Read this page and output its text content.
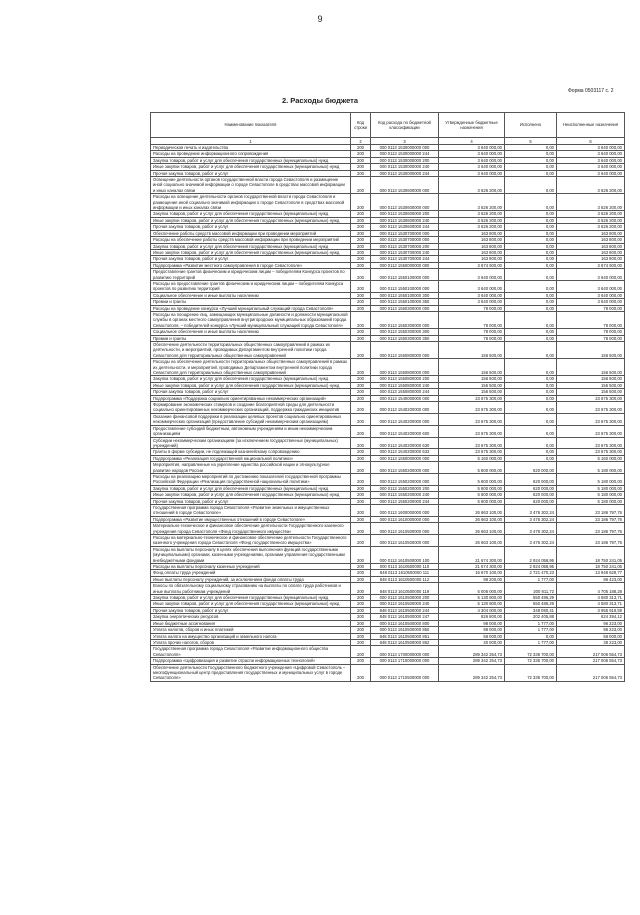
9
Форма 0503117 с. 2
2. Расходы бюджета
Наименование показателя	Код строки	Код расхода по бюджетной классификации	Утвержденные бюджетные назначения	Исполнено	Неисполненные назначения
1	2	3	4	5	6
Периодическая печать и издательства	200	000 0113 1530000000 000	3 640 000,00	0,00	3 640 000,00
Расходы на проведение информационного сопровождения	200	000 0113 1530000000 244	3 640 000,00	0,00	3 640 000,00
Закупка товаров, работ и услуг для обеспечения государственных (муниципальных) нужд	200	000 0113 1530000000 200	3 640 000,00	0,00	3 640 000,00
Иные закупки товаров, работ и услуг для обеспечения государственных (муниципальных) нужд	200	000 0113 1530000000 240	3 640 000,00	0,00	3 640 000,00
Прочая закупка товаров, работ и услуг	200	000 0113 1530000000 244	3 640 000,00	0,00	3 640 000,00
Освещение деятельности органов государственной власти города Севастополя и размещение иной социально значимой информации о городе Севастополе в средствах массовой информации и иных каналах связи	200	000 0113 1530600000 000	3 626 200,00	0,00	3 626 200,00
Расходы на освещение деятельности органов государственной власти города Севастополя и размещение иной социально значимой информации о городе Севастополе в средствах массовой информации и иных каналах связи	200	000 0113 1530600000 000	3 626 200,00	0,00	3 626 200,00
Закупка товаров, работ и услуг для обеспечения государственных (муниципальных) нужд	200	000 0113 1530600000 200	3 626 200,00	0,00	3 626 200,00
Иные закупки товаров, работ и услуг для обеспечения государственных (муниципальных) нужд	200	000 0113 1530600000 240	3 626 200,00	0,00	3 626 200,00
Прочая закупка товаров, работ и услуг	200	000 0113 1530600000 244	3 626 200,00	0,00	3 626 200,00
Обеспечение работы средств массовой информации при проведении мероприятий	200	000 0113 1530700000 000	163 800,00	0,00	163 800,00
Расходы на обеспечение работы средств массовой информации при проведении мероприятий	200	000 0113 1530700000 000	163 800,00	0,00	163 800,00
Закупка товаров, работ и услуг для обеспечения государственных (муниципальных) нужд	200	000 0113 1530700000 200	163 800,00	0,00	163 800,00
Иные закупки товаров, работ и услуг для обеспечения государственных (муниципальных) нужд	200	000 0113 1530700000 240	163 800,00	0,00	163 800,00
Прочая закупка товаров, работ и услуг	200	000 0113 1530700000 244	163 800,00	0,00	163 800,00
Подпрограмма «Развитие местного самоуправления в городе Севастополе»	200	000 0113 1550000000 000	3 674 500,00	0,00	3 674 500,00
Предоставление грантов физическим и юридическим лицам – победителям Конкурса проектов по развитию территорий	200	000 0113 1550100000 000	3 640 000,00	0,00	3 640 000,00
Расходы на предоставление грантов физическим и юридическим лицам – победителям Конкурса проектов по развитию территорий	200	000 0113 1550100000 000	3 640 000,00	0,00	3 640 000,00
Социальное обеспечение и иные выплаты населению	200	000 0113 1550100000 300	3 640 000,00	0,00	3 640 000,00
Премии и гранты	200	000 0113 1550100000 350	3 640 000,00	0,00	3 640 000,00
Расходы на проведение конкурса «Лучший муниципальный служащий города Севастополя»	200	000 0113 1550300000 000	78 000,00	0,00	78 000,00
Расходы на поощрение лиц, замещающих муниципальные должности и должности муниципальной службы в органах местного самоуправления внутригородских муниципальных образований города Севастополя, – победителей конкурса «Лучший муниципальный служащий города Севастополя»	200	000 0113 1550300000 000	78 000,00	0,00	78 000,00
Социальное обеспечение и иные выплаты населению	200	000 0113 1550300000 300	78 000,00	0,00	78 000,00
Премии и гранты	200	000 0113 1550300000 350	78 000,00	0,00	78 000,00
Обеспечение деятельности территориальных общественных самоуправлений в рамках их деятельности, и мероприятий, проводимых Департаментом внутренней политики города Севастополя для территориальных общественных самоуправлений	200	000 0113 1550800000 000	156 500,00	0,00	156 500,00
Расходы на обеспечение деятельности территориальных общественных самоуправлений в рамках их деятельности, и мероприятий, проводимых Департаментом внутренней политики города Севастополя для территориальных общественных самоуправлений	200	000 0113 1550800000 000	156 500,00	0,00	156 500,00
Закупка товаров, работ и услуг для обеспечения государственных (муниципальных) нужд	200	000 0113 1550800000 200	156 500,00	0,00	156 500,00
Иные закупки товаров, работ и услуг для обеспечения государственных (муниципальных) нужд	200	000 0113 1550800000 240	156 500,00	0,00	156 500,00
Прочая закупка товаров, работ и услуг	200	000 0113 1550800000 244	156 500,00	0,00	156 500,00
Подпрограмма «Поддержка социально ориентированных некоммерческих организаций»	200	000 0113 1540000000 000	23 675 300,00	0,00	23 675 300,00
Формирование экономических стимулов и создание благоприятной среды для деятельности социально ориентированных некоммерческих организаций, поддержка гражданских инициатив	200	000 0113 1540200000 000	23 675 300,00	0,00	23 675 300,00
Оказание финансовой поддержки в реализации целевых проектов социально ориентированных некоммерческих организаций (предоставление субсидий некоммерческим организациям)	200	000 0113 1540200000 000	23 675 300,00	0,00	23 675 300,00
Предоставление субсидий бюджетным, автономным учреждениям и иным некоммерческим организациям	200	000 0113 1540200000 600	23 675 300,00	0,00	23 675 300,00
Субсидии некоммерческим организациям (за исключением государственных (муниципальных) учреждений)	200	000 0113 1540200000 630	23 675 300,00	0,00	23 675 300,00
Гранты в форме субсидии, не подлежащей казначейскому сопровождению	200	000 0113 1540200000 633	23 675 300,00	0,00	23 675 300,00
Подпрограмма «Реализация государственной национальной политики»	200	000 0113 1550000000 000	5 160 000,00	0,00	5 160 000,00
Мероприятия, направленные на укрепление единства российской нации и этнокультурное развитие народов России	200	000 0113 1550200000 000	5 800 000,00	620 000,00	5 180 000,00
Расходы на реализацию мероприятий по достижению показателей государственной программы Российской Федерации «Реализация государственной национальной политики»	200	000 0113 1550200000 000	5 800 000,00	620 000,00	5 180 000,00
Закупка товаров, работ и услуг для обеспечения государственных (муниципальных) нужд	200	000 0113 1550200000 200	5 800 000,00	620 000,00	5 180 000,00
Иные закупки товаров, работ и услуг для обеспечения государственных (муниципальных) нужд	200	000 0113 1550200000 240	5 800 000,00	620 000,00	5 180 000,00
Прочая закупка товаров, работ и услуг	200	000 0113 1550200000 244	5 800 000,00	620 000,00	5 180 000,00
Государственная программа города Севастополя «Развитие земельных и имущественных отношений в городе Севастополе»	200	000 0113 1600000000 000	26 663 100,00	3 476 302,24	23 186 797,76
Подпрограмма «Развитие имущественных отношений в городе Севастополе»	200	000 0113 1610000000 000	26 663 100,00	3 476 302,24	23 186 797,76
Материально-техническое и финансовое обеспечение деятельности Государственного казенного учреждения города Севастополя «Фонд государственного имущества»	200	000 0113 1610500000 000	26 663 100,00	3 476 302,24	23 186 797,76
Расходы на материально-техническое и финансовое обеспечение деятельности Государственного казенного учреждения города Севастополя «Фонд государственного имущества»	200	000 0113 1610500000 000	26 663 100,00	3 476 302,24	23 186 797,76
Расходы на выплаты персоналу в целях обеспечения выполнения функций государственными (муниципальными) органами, казенными учреждениями, органами управления государственными внебюджетными фондами	200	000 0113 1610500000 100	21 674 300,00	2 924 058,95	18 750 241,05
Расходы на выплаты персоналу казенных учреждений	200	000 0113 1610500000 110	21 674 300,00	2 924 058,95	18 750 241,05
Фонд оплаты труда учреждений	200	848 0113 1610500000 111	16 670 100,00	2 721 470,23	13 948 629,77
Иные выплаты персоналу учреждений, за исключением фонда оплаты труда	200	848 0113 1610500000 112	98 200,00	1 777,00	96 423,00
Взносы по обязательному социальному страхованию на выплаты по оплате труда работников и иные выплаты работникам учреждений	200	848 0113 1610500000 119	5 006 000,00	200 811,72	4 705 188,28
Закупка товаров, работ и услуг для обеспечения государственных (муниципальных) нужд	200	000 0113 1610500000 200	5 130 800,00	550 486,29	4 580 313,71
Иные закупки товаров, работ и услуг для обеспечения государственных (муниципальных) нужд	200	000 0113 1610500000 240	5 130 800,00	550 486,29	4 580 313,71
Прочая закупка товаров, работ и услуг	200	848 0113 1610500000 244	4 304 000,00	348 080,41	3 955 919,59
Закупка энергетических ресурсов	200	848 0113 1610500000 247	826 800,00	202 405,88	624 394,12
Иные бюджетные ассигнования	200	000 0113 1610500000 800	98 000,00	1 777,00	96 223,00
Уплата налогов, сборов и иных платежей	200	000 0113 1610500000 850	98 000,00	1 777,00	96 223,00
Уплата налога на имущество организаций и земельного налога	200	848 0113 1610500000 851	58 000,00	0,00	58 000,00
Уплата прочих налогов, сборов	200	848 0113 1610500000 852	40 000,00	1 777,00	38 223,00
Государственная программа города Севастополя «Развитие информационного общества Севастополя»	200	000 0113 1700000000 000	289 342 254,73	72 335 700,00	217 006 554,73
Подпрограмма «Цифровизация и развитие отрасли информационных технологий»	200	000 0113 1710000000 000	289 342 254,73	72 335 700,00	217 006 554,73
Обеспечение деятельности Государственного бюджетного учреждения «Цифровой Севастополь – многофункциональный центр предоставления государственных и муниципальных услуг в городе Севастополе»	200	000 0113 1710500000 000	289 342 254,73	72 335 700,00	217 006 554,73
